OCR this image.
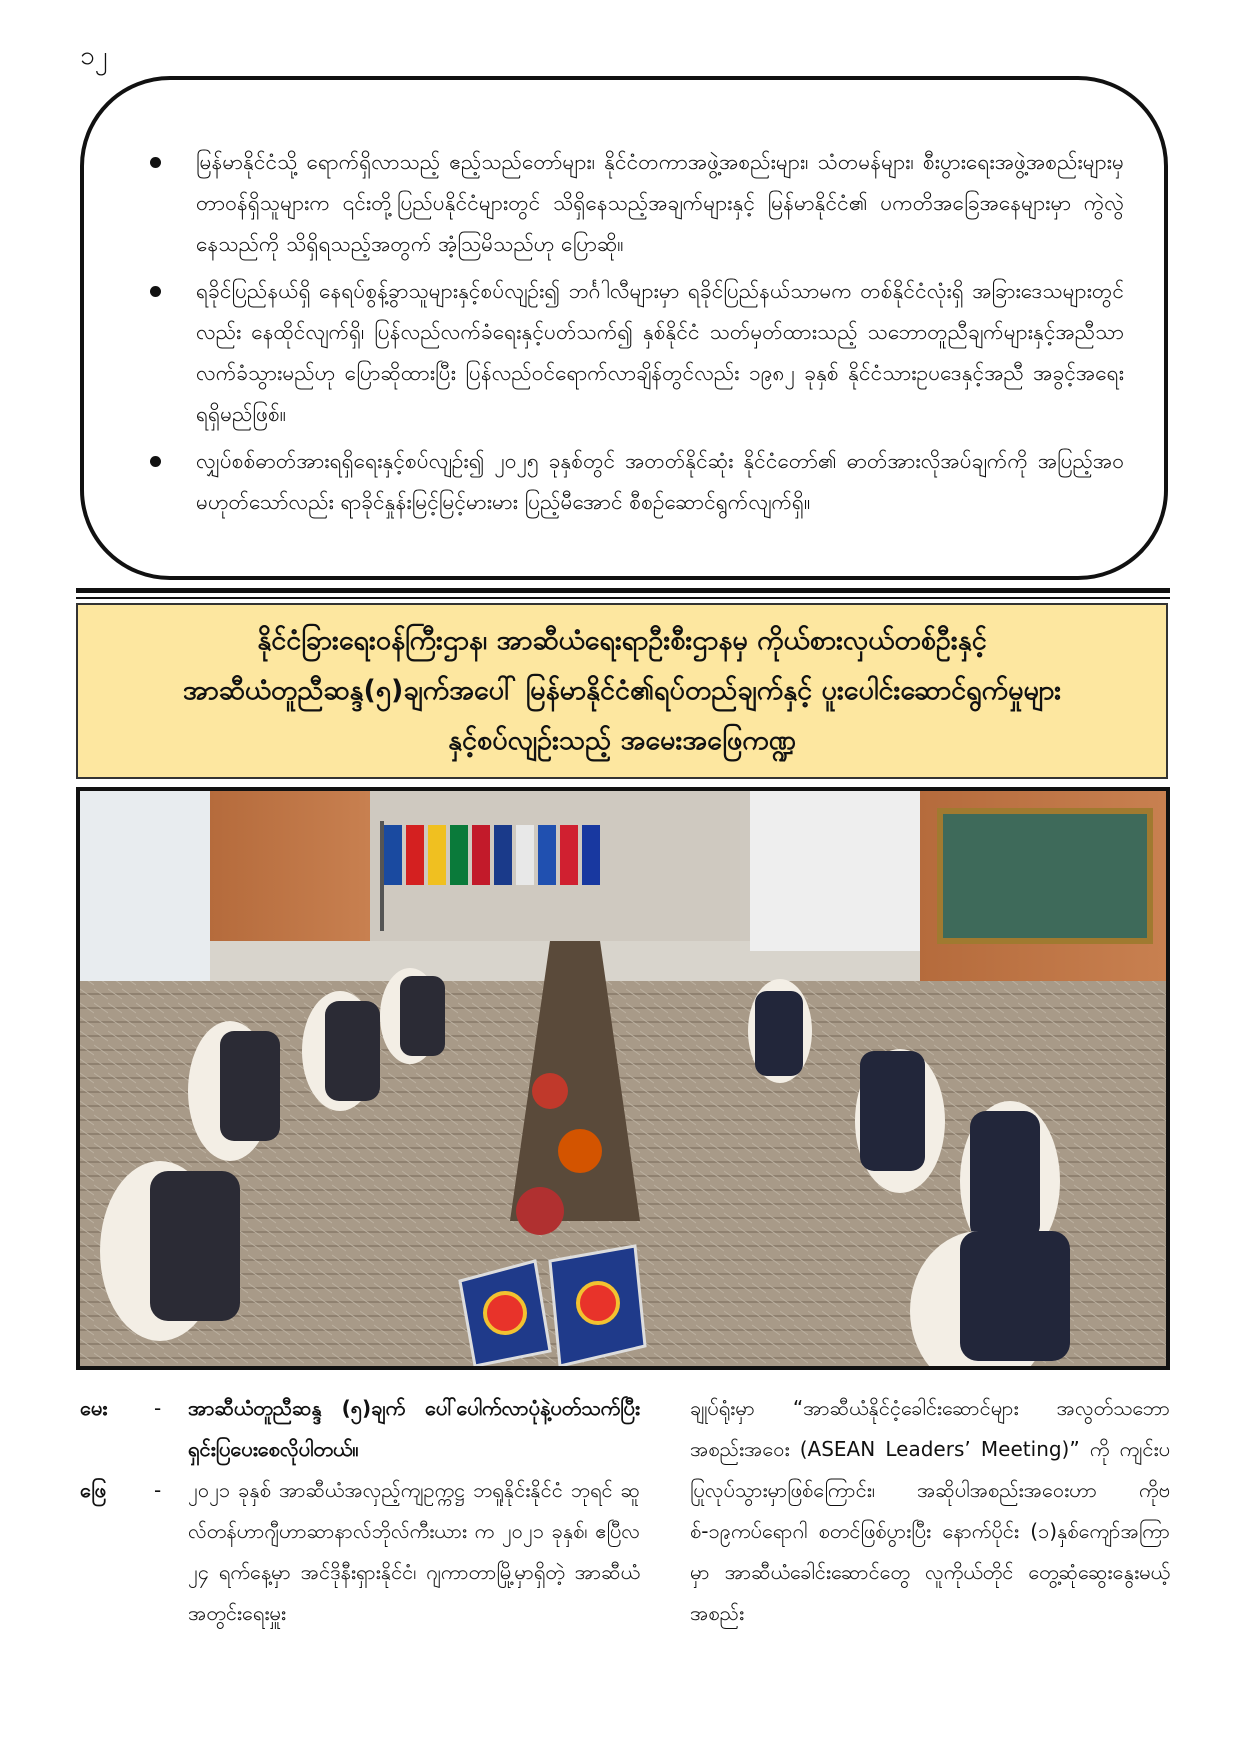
၁၂
မြန်မာနိုင်ငံသို့ ရောက်ရှိလာသည့် ဧည့်သည်တော်များ၊ နိုင်ငံတကာအဖွဲ့အစည်းများ၊ သံတမန်များ၊ စီးပွားရေးအဖွဲ့အစည်းများမှ တာဝန်ရှိသူများက ၎င်းတို့ပြည်ပနိုင်ငံများတွင် သိရှိနေသည့်အချက်များနှင့် မြန်မာနိုင်ငံ၏ ပကတိအခြေအနေများမှာ ကွဲလွဲနေသည်ကို သိရှိရသည့်အတွက် အံ့သြမိသည်ဟု ပြောဆို။
ရခိုင်ပြည်နယ်ရှိ နေရပ်စွန့်ခွာသူများနှင့်စပ်လျဉ်း၍ ဘင်္ဂါလီများမှာ ရခိုင်ပြည်နယ်သာမက တစ်နိုင်ငံလုံးရှိ အခြားဒေသများတွင်လည်း နေထိုင်လျက်ရှိ၊ ပြန်လည်လက်ခံရေးနှင့်ပတ်သက်၍ နှစ်နိုင်ငံ သတ်မှတ်ထားသည့် သဘောတူညီချက်များနှင့်အညီသာ လက်ခံသွားမည်ဟု ပြောဆိုထားပြီး ပြန်လည်ဝင်ရောက်လာချိန်တွင်လည်း ၁၉၈၂ ခုနှစ် နိုင်ငံသားဥပဒေနှင့်အညီ အခွင့်အရေးရရှိမည်ဖြစ်။
လျှပ်စစ်ဓာတ်အားရရှိရေးနှင့်စပ်လျဉ်း၍ ၂၀၂၅ ခုနှစ်တွင် အတတ်နိုင်ဆုံး နိုင်ငံတော်၏ ဓာတ်အားလိုအပ်ချက်ကို အပြည့်အဝမဟုတ်သော်လည်း ရာခိုင်နှုန်းမြင့်မြင့်မားမား ပြည့်မီအောင် စီစဉ်ဆောင်ရွက်လျက်ရှိ။
နိုင်ငံခြားရေးဝန်ကြီးဌာန၊ အာဆီယံရေးရာဦးစီးဌာနမှ ကိုယ်စားလှယ်တစ်ဦးနှင့်
အာဆီယံတူညီဆန္ဒ(၅)ချက်အပေါ် မြန်မာနိုင်ငံ၏ရပ်တည်ချက်နှင့် ပူးပေါင်းဆောင်ရွက်မှုများ
နှင့်စပ်လျဉ်းသည့် အမေးအဖြေကဏ္ဍ
မေး	-	အာဆီယံတူညီဆန္ဒ (၅)ချက် ပေါ်ပေါက်လာပုံနဲ့ပတ်သက်ပြီး ရှင်းပြပေးစေလိုပါတယ်။
ဖြေ	-	၂၀၂၁ ခုနှစ် အာဆီယံအလှည့်ကျဥက္ကဋ္ဌ ဘရူနိုင်းနိုင်ငံ ဘုရင် ဆူလ်တန်ဟာဂျီဟာဆာနာလ်ဘိုလ်ကီးယား က ၂၀၂၁ ခုနှစ်၊ ဧပြီလ ၂၄ ရက်နေ့မှာ အင်ဒိုနီးရှားနိုင်ငံ၊ ဂျကာတာမြို့မှာရှိတဲ့ အာဆီယံအတွင်းရေးမှူး
ချုပ်ရုံးမှာ “အာဆီယံနိုင်ငံ့ခေါင်းဆောင်များ အလွတ်သဘောအစည်းအဝေး (ASEAN Leaders’ Meeting)” ကို ကျင်းပပြုလုပ်သွားမှာဖြစ်ကြောင်း၊ အဆိုပါအစည်းအဝေးဟာ ကိုဗစ်-၁၉ကပ်ရောဂါ စတင်ဖြစ်ပွားပြီး နောက်ပိုင်း (၁)နှစ်ကျော်အကြာမှာ အာဆီယံခေါင်းဆောင်တွေ လူကိုယ်တိုင် တွေ့ဆုံဆွေးနွေးမယ့်အစည်း
